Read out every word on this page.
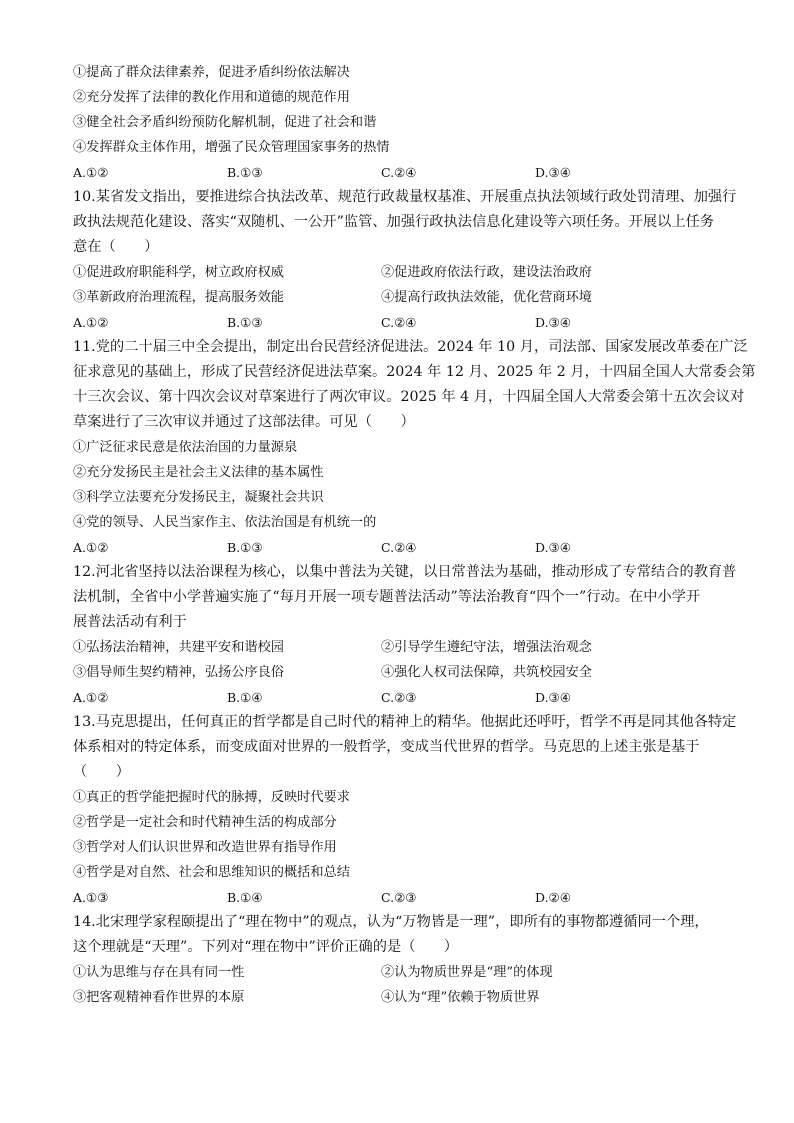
①提高了群众法律素养，促进矛盾纠纷依法解决
②充分发挥了法律的教化作用和道德的规范作用
③健全社会矛盾纠纷预防化解机制，促进了社会和谐
④发挥群众主体作用，增强了民众管理国家事务的热情
A.①②	B.①③	C.②④	D.③④
10.某省发文指出，要推进综合执法改革、规范行政裁量权基准、开展重点执法领域行政处罚清理、加强行
政执法规范化建设、落实“双随机、一公开”监管、加强行政执法信息化建设等六项任务。开展以上任务
意在（　　）
①促进政府职能科学，树立政府权威	②促进政府依法行政，建设法治政府
③革新政府治理流程，提高服务效能	④提高行政执法效能，优化营商环境
A.①②	B.①③	C.②④	D.③④
11.党的二十届三中全会提出，制定出台民营经济促进法。2024 年 10 月，司法部、国家发展改革委在广泛
征求意见的基础上，形成了民营经济促进法草案。2024 年 12 月、2025 年 2 月，十四届全国人大常委会第
十三次会议、第十四次会议对草案进行了两次审议。2025 年 4 月，十四届全国人大常委会第十五次会议对
草案进行了三次审议并通过了这部法律。可见（　　）
①广泛征求民意是依法治国的力量源泉
②充分发扬民主是社会主义法律的基本属性
③科学立法要充分发扬民主，凝聚社会共识
④党的领导、人民当家作主、依法治国是有机统一的
A.①②	B.①③	C.②④	D.③④
12.河北省坚持以法治课程为核心，以集中普法为关键，以日常普法为基础，推动形成了专常结合的教育普
法机制，全省中小学普遍实施了“每月开展一项专题普法活动”等法治教育“四个一”行动。在中小学开
展普法活动有利于
①弘扬法治精神，共建平安和谐校园	②引导学生遵纪守法，增强法治观念
③倡导师生契约精神，弘扬公序良俗	④强化人权司法保障，共筑校园安全
A.①②	B.①④	C.②③	D.③④
13.马克思提出，任何真正的哲学都是自己时代的精神上的精华。他据此还呼吁，哲学不再是同其他各特定
体系相对的特定体系，而变成面对世界的一般哲学，变成当代世界的哲学。马克思的上述主张是基于
（　　）
①真正的哲学能把握时代的脉搏，反映时代要求
②哲学是一定社会和时代精神生活的构成部分
③哲学对人们认识世界和改造世界有指导作用
④哲学是对自然、社会和思维知识的概括和总结
A.①③	B.①④	C.②③	D.②④
14.北宋理学家程颐提出了“理在物中”的观点，认为“万物皆是一理”，即所有的事物都遵循同一个理，
这个理就是“天理”。下列对“理在物中”评价正确的是（　　）
①认为思维与存在具有同一性	②认为物质世界是“理”的体现
③把客观精神看作世界的本原	④认为“理”依赖于物质世界
